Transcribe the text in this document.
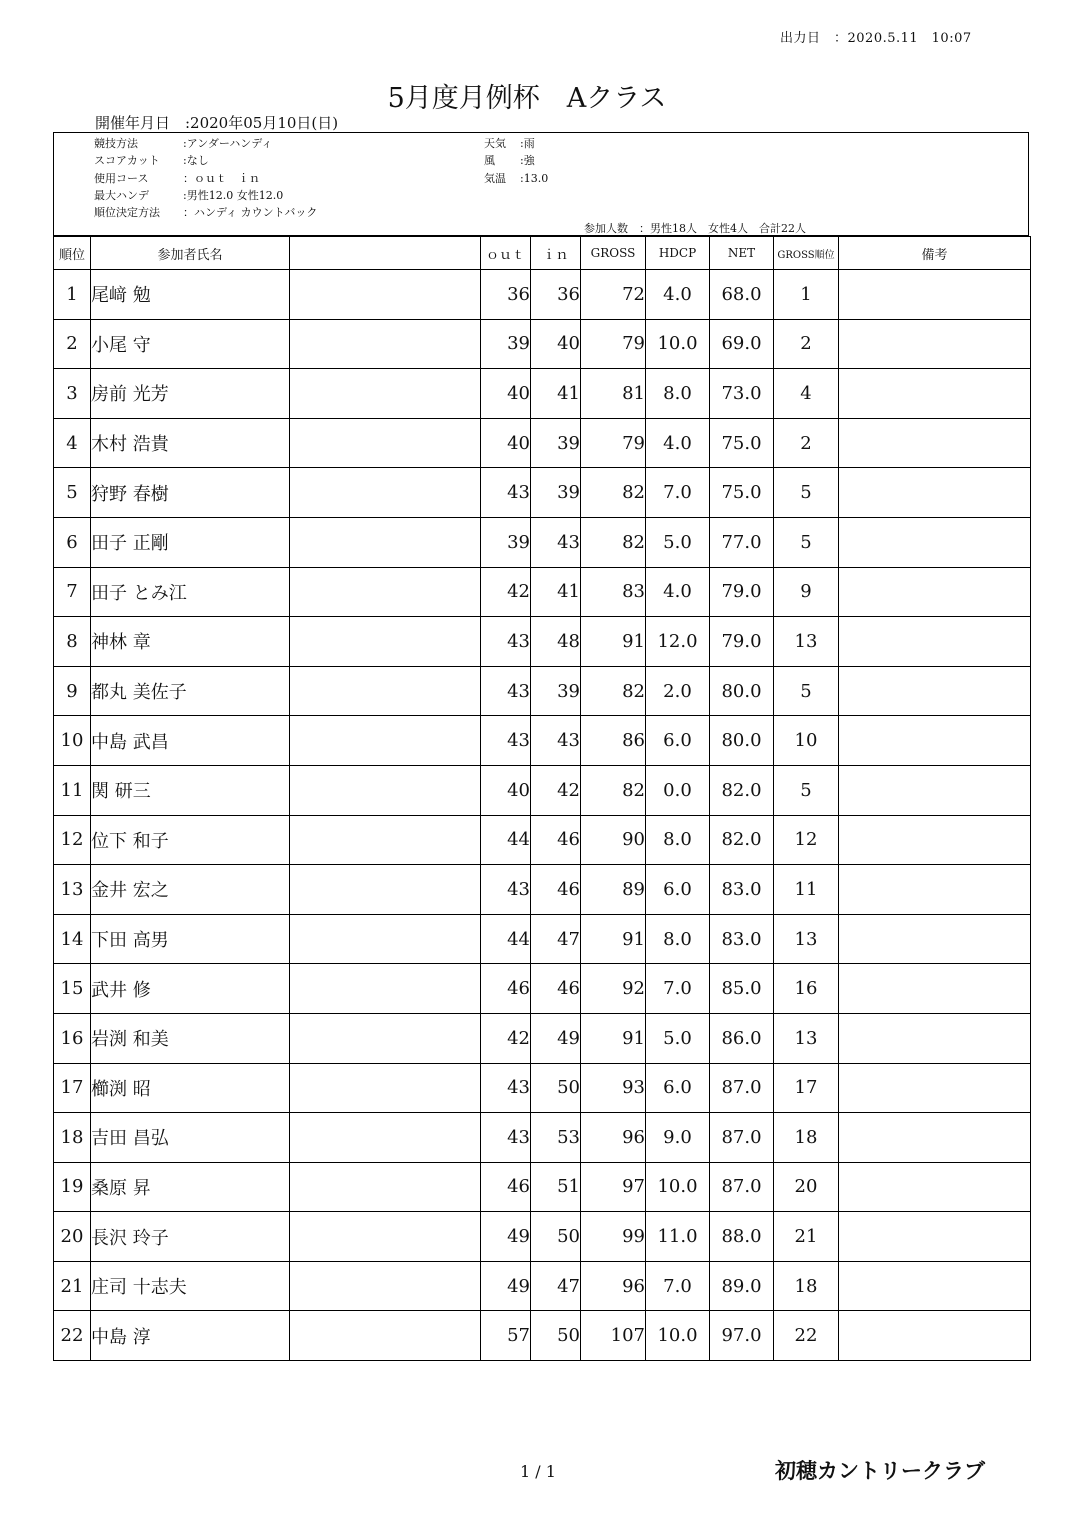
出力日　：2020.5.11　10:07
5月度月例杯　Aクラス
開催年月日　:2020年05月10日(日)
競技方法	:アンダーハンディ
スコアカット :なし
使用コース	：ｏｕｔ　ｉｎ
最大ハンデ	:男性12.0 女性12.0
順位決定方法 ：ハンディ カウントバック
天気 :雨
風 :強
気温 :13.0
参加人数　：男性18人　女性4人　合計22人
順位	参加者氏名		ｏｕｔ	ｉｎ	GROSS	HDCP	NET	GROSS順位	備考
1	尾﨑 勉		36	36	72	4.0	68.0	1	
2	小尾 守		39	40	79	10.0	69.0	2	
3	房前 光芳		40	41	81	8.0	73.0	4	
4	木村 浩貴		40	39	79	4.0	75.0	2	
5	狩野 春樹		43	39	82	7.0	75.0	5	
6	田子 正剛		39	43	82	5.0	77.0	5	
7	田子 とみ江		42	41	83	4.0	79.0	9	
8	神林 章		43	48	91	12.0	79.0	13	
9	都丸 美佐子		43	39	82	2.0	80.0	5	
10	中島 武昌		43	43	86	6.0	80.0	10	
11	関 研三		40	42	82	0.0	82.0	5	
12	位下 和子		44	46	90	8.0	82.0	12	
13	金井 宏之		43	46	89	6.0	83.0	11	
14	下田 高男		44	47	91	8.0	83.0	13	
15	武井 修		46	46	92	7.0	85.0	16	
16	岩渕 和美		42	49	91	5.0	86.0	13	
17	櫛渕 昭		43	50	93	6.0	87.0	17	
18	吉田 昌弘		43	53	96	9.0	87.0	18	
19	桑原 昇		46	51	97	10.0	87.0	20	
20	長沢 玲子		49	50	99	11.0	88.0	21	
21	庄司 十志夫		49	47	96	7.0	89.0	18	
22	中島 淳		57	50	107	10.0	97.0	22	
1 / 1	初穂カントリークラブ
